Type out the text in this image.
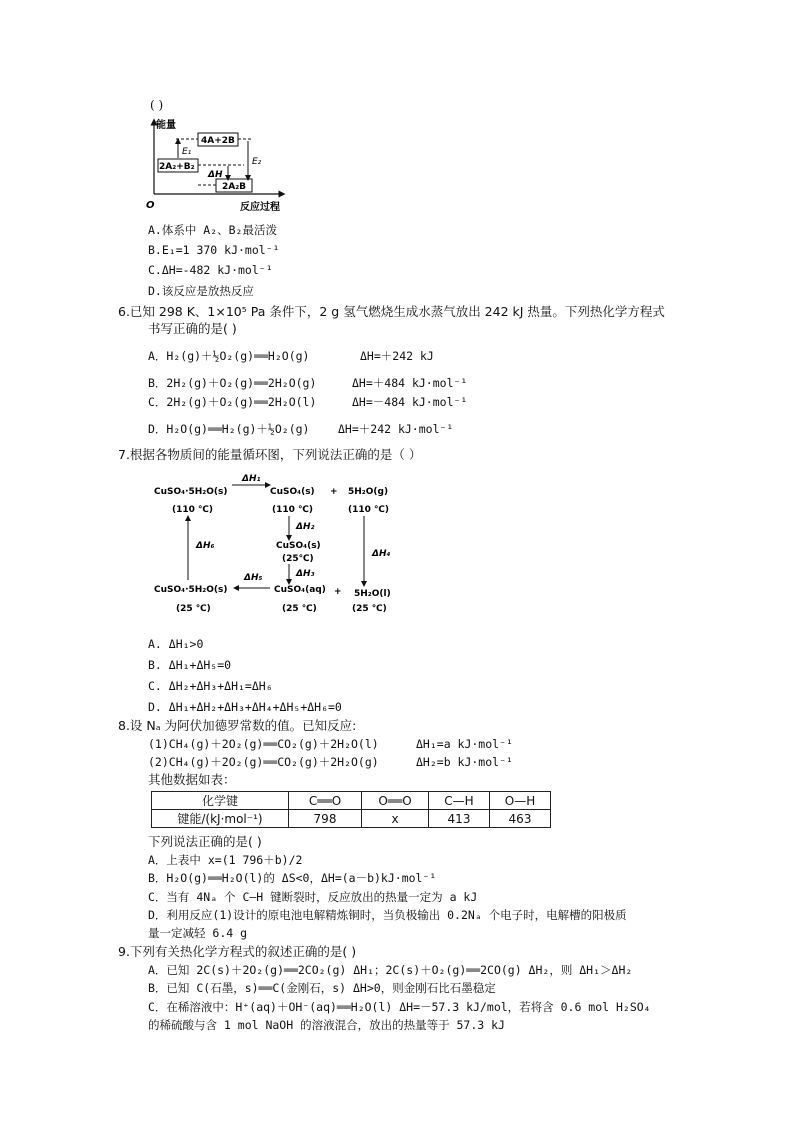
( )
能量
反应过程
O
4A+2B
2A₂+B₂
2A₂B
E₁
E₂
ΔH
A.体系中 A₂、B₂最活泼
B.E₁=1 370 kJ·mol⁻¹
C.ΔH=-482 kJ·mol⁻¹
D.该反应是放热反应
6.已知 298 K、1×10⁵ Pa 条件下，2 g 氢气燃烧生成水蒸气放出 242 kJ 热量。下列热化学方程式
书写正确的是( )
A．H₂(g)＋½O₂(g)══H₂O(g)	ΔH=＋242 kJ
B．2H₂(g)＋O₂(g)══2H₂O(g)	ΔH=＋484 kJ·mol⁻¹
C．2H₂(g)＋O₂(g)══2H₂O(l)	ΔH=－484 kJ·mol⁻¹
D．H₂O(g)══H₂(g)＋½O₂(g) ΔH=＋242 kJ·mol⁻¹
7.根据各物质间的能量循环图，下列说法正确的是（ ）
CuSO₄·5H₂O(s)
(110 ℃)
CuSO₄(s)
(110 ℃)
+ 5H₂O(g)
(110 ℃)
CuSO₄(s)
(25℃)
CuSO₄·5H₂O(s)
(25 ℃)
CuSO₄(aq)
(25 ℃)
+ 5H₂O(l)
(25 ℃)
ΔH₁
ΔH₂
ΔH₃
ΔH₄
ΔH₅
ΔH₆
A. ΔH₁>0
B. ΔH₁+ΔH₅=0
C. ΔH₂+ΔH₃+ΔH₁=ΔH₆
D. ΔH₁+ΔH₂+ΔH₃+ΔH₄+ΔH₅+ΔH₆=0
8.设 Nₐ 为阿伏加德罗常数的值。已知反应:
(1)CH₄(g)＋2O₂(g)══CO₂(g)＋2H₂O(l)	ΔH₁=a kJ·mol⁻¹
(2)CH₄(g)＋2O₂(g)══CO₂(g)＋2H₂O(g)	ΔH₂=b kJ·mol⁻¹
其他数据如表：
化学键	C══O	O══O	C—H	O—H
键能/(kJ·mol⁻¹)	798	x	413	463
下列说法正确的是( )
A．上表中 x=(1 796＋b)/2
B．H₂O(g)══H₂O(l)的 ΔS<0，ΔH=(a－b)kJ·mol⁻¹
C．当有 4Nₐ 个 C—H 键断裂时，反应放出的热量一定为 a kJ
D．利用反应(1)设计的原电池电解精炼铜时，当负极输出 0.2Nₐ 个电子时，电解槽的阳极质
量一定减轻 6.4 g
9.下列有关热化学方程式的叙述正确的是( )
A．已知 2C(s)＋2O₂(g)══2CO₂(g) ΔH₁；2C(s)＋O₂(g)══2CO(g) ΔH₂，则 ΔH₁＞ΔH₂
B．已知 C(石墨，s)══C(金刚石，s) ΔH>0，则金刚石比石墨稳定
C．在稀溶液中：H⁺(aq)＋OH⁻(aq)══H₂O(l) ΔH=－57.3 kJ/mol，若将含 0.6 mol H₂SO₄
的稀硫酸与含 1 mol NaOH 的溶液混合，放出的热量等于 57.3 kJ
